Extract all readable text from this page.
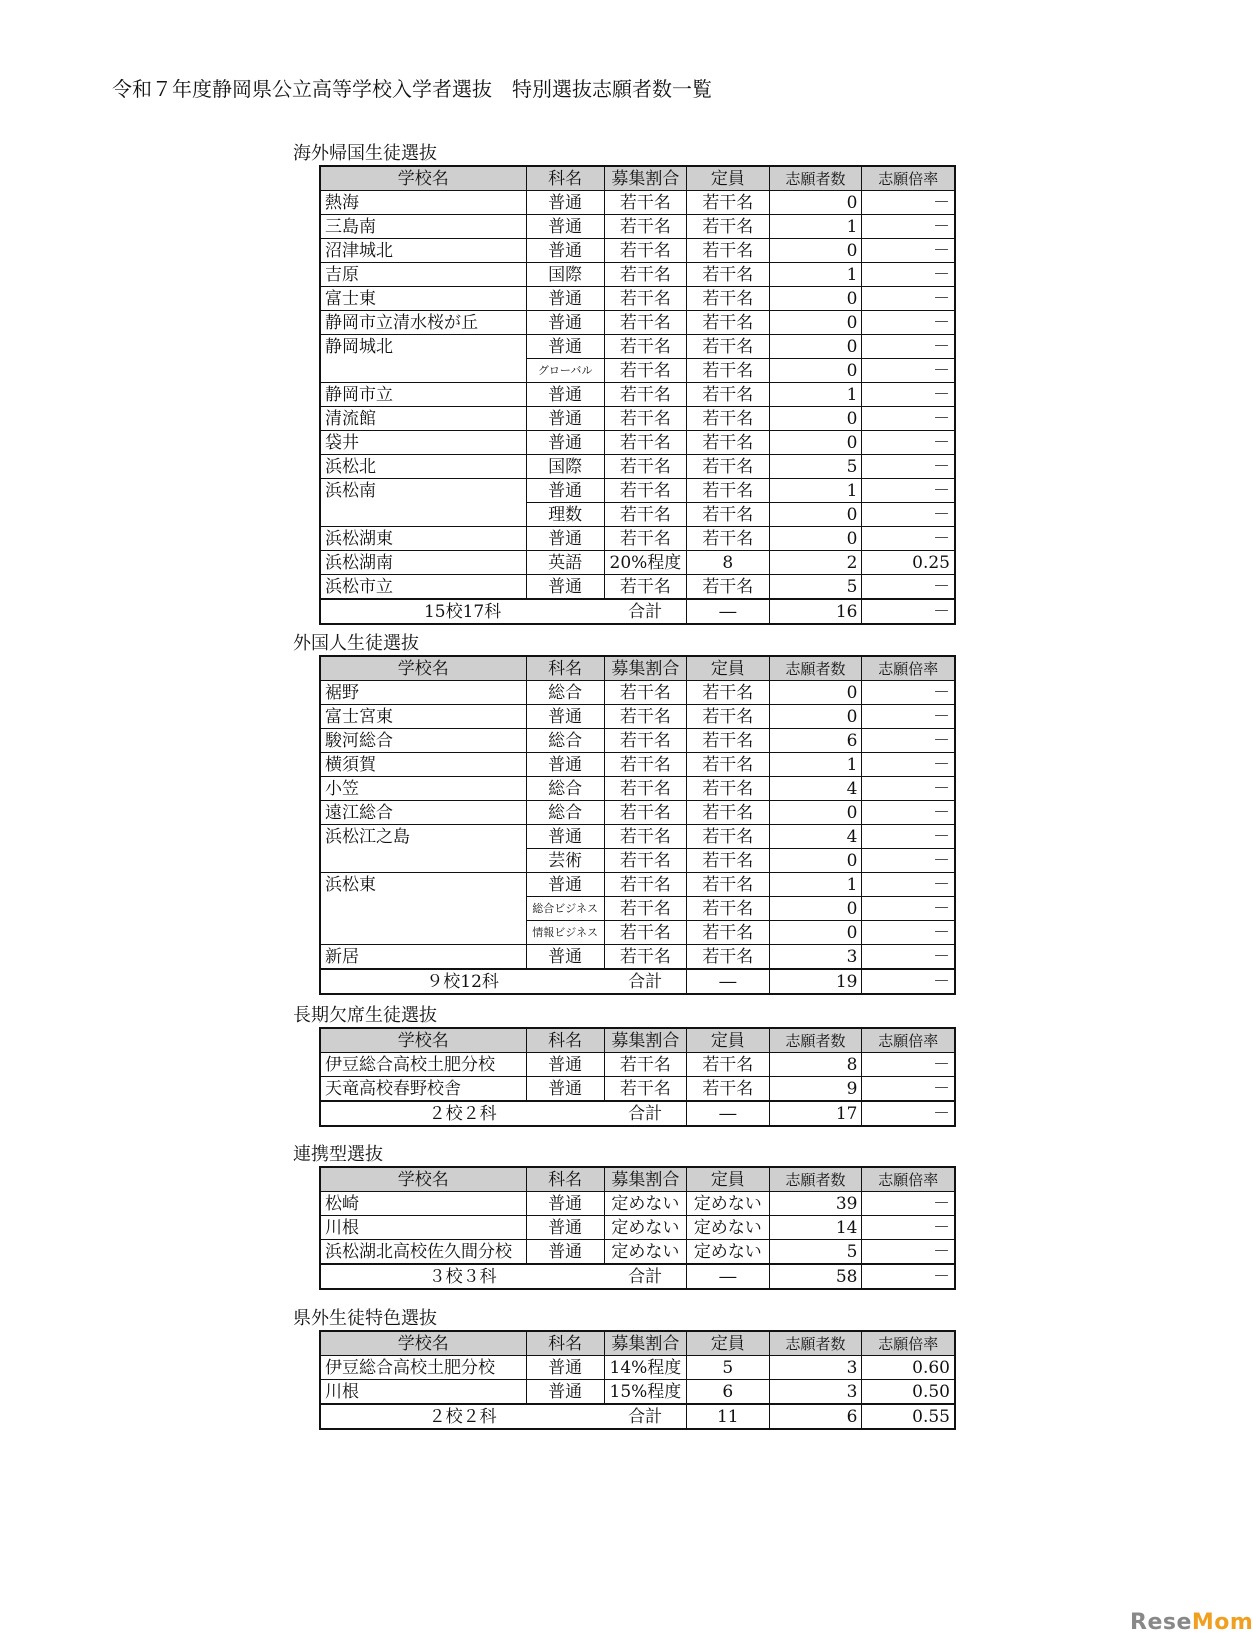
令和７年度静岡県公立高等学校入学者選抜　特別選抜志願者数一覧
海外帰国生徒選抜
学校名	科名	募集割合	定員	志願者数	志願倍率
熱海	普通	若干名	若干名	0	－
三島南	普通	若干名	若干名	1	－
沼津城北	普通	若干名	若干名	0	－
吉原	国際	若干名	若干名	1	－
富士東	普通	若干名	若干名	0	－
静岡市立清水桜が丘	普通	若干名	若干名	0	－
静岡城北	普通	若干名	若干名	0	－
	グローバル	若干名	若干名	0	－
静岡市立	普通	若干名	若干名	1	－
清流館	普通	若干名	若干名	0	－
袋井	普通	若干名	若干名	0	－
浜松北	国際	若干名	若干名	5	－
浜松南	普通	若干名	若干名	1	－
	理数	若干名	若干名	0	－
浜松湖東	普通	若干名	若干名	0	－
浜松湖南	英語	20%程度	8	2	0.25
浜松市立	普通	若干名	若干名	5	－
15校17科		合計	―	16	－
外国人生徒選抜
学校名	科名	募集割合	定員	志願者数	志願倍率
裾野	総合	若干名	若干名	0	－
富士宮東	普通	若干名	若干名	0	－
駿河総合	総合	若干名	若干名	6	－
横須賀	普通	若干名	若干名	1	－
小笠	総合	若干名	若干名	4	－
遠江総合	総合	若干名	若干名	0	－
浜松江之島	普通	若干名	若干名	4	－
	芸術	若干名	若干名	0	－
浜松東	普通	若干名	若干名	1	－
	総合ビジネス	若干名	若干名	0	－
	情報ビジネス	若干名	若干名	0	－
新居	普通	若干名	若干名	3	－
９校12科		合計	―	19	－
長期欠席生徒選抜
学校名	科名	募集割合	定員	志願者数	志願倍率
伊豆総合高校土肥分校	普通	若干名	若干名	8	－
天竜高校春野校舎	普通	若干名	若干名	9	－
２校２科		合計	―	17	－
連携型選抜
学校名	科名	募集割合	定員	志願者数	志願倍率
松崎	普通	定めない	定めない	39	－
川根	普通	定めない	定めない	14	－
浜松湖北高校佐久間分校	普通	定めない	定めない	5	－
３校３科		合計	―	58	－
県外生徒特色選抜
学校名	科名	募集割合	定員	志願者数	志願倍率
伊豆総合高校土肥分校	普通	14%程度	5	3	0.60
川根	普通	15%程度	6	3	0.50
２校２科		合計	11	6	0.55
ReseMom
